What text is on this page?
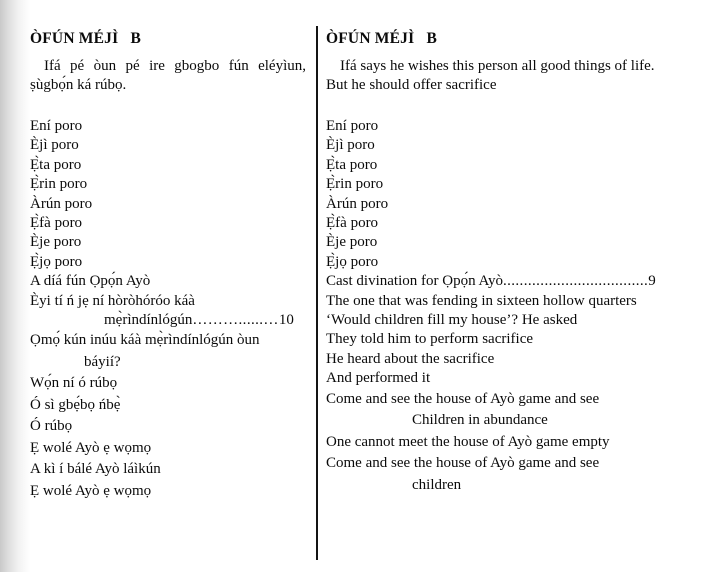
ÒFÚN MÉJÌ   B

Ifá pé òun pé ire gbogbo fún eléyìun, ṣùgbọ́n ká rúbọ.

Ení poro
Èjì poro
Ẹ̀ta poro
Ẹ̀rin poro
Àrún poro
Ẹ̀fà poro
Èje poro
Ẹ̀jọ poro
A díá fún Ọpọ́n Ayò
Èyi tí ń jẹ ní hòròhóróo káà
mẹ̀rìndínlógún………......…10
Ọmọ́ kún inúu káà mẹ̀rìndínlógún òun
báyií?
Wọ́n ní ó rúbọ
Ó sì gbẹ́bọ ńbẹ̀
Ó rúbọ
Ẹ wolé Ayò ẹ wọmọ
A kì í bálé Ayò láìkún
Ẹ wolé Ayò ẹ wọmọ
ÒFÚN MÉJÌ   B

Ifá says he wishes this person all good things of life.
But he should offer sacrifice

Ení poro
Èjì poro
Ẹ̀ta poro
Ẹ̀rin poro
Àrún poro
Ẹ̀fà poro
Èje poro
Ẹ̀jọ poro
Cast divination for Ọpọ́n Ayò...................................9
The one that was fending in sixteen hollow quarters
‘Would children fill my house’? He asked
They told him to perform sacrifice
He heard about the sacrifice
And performed it
Come and see the house of Ayò game and see
Children in abundance
One cannot meet the house of Ayò game empty
Come and see the house of Ayò game and see
children
